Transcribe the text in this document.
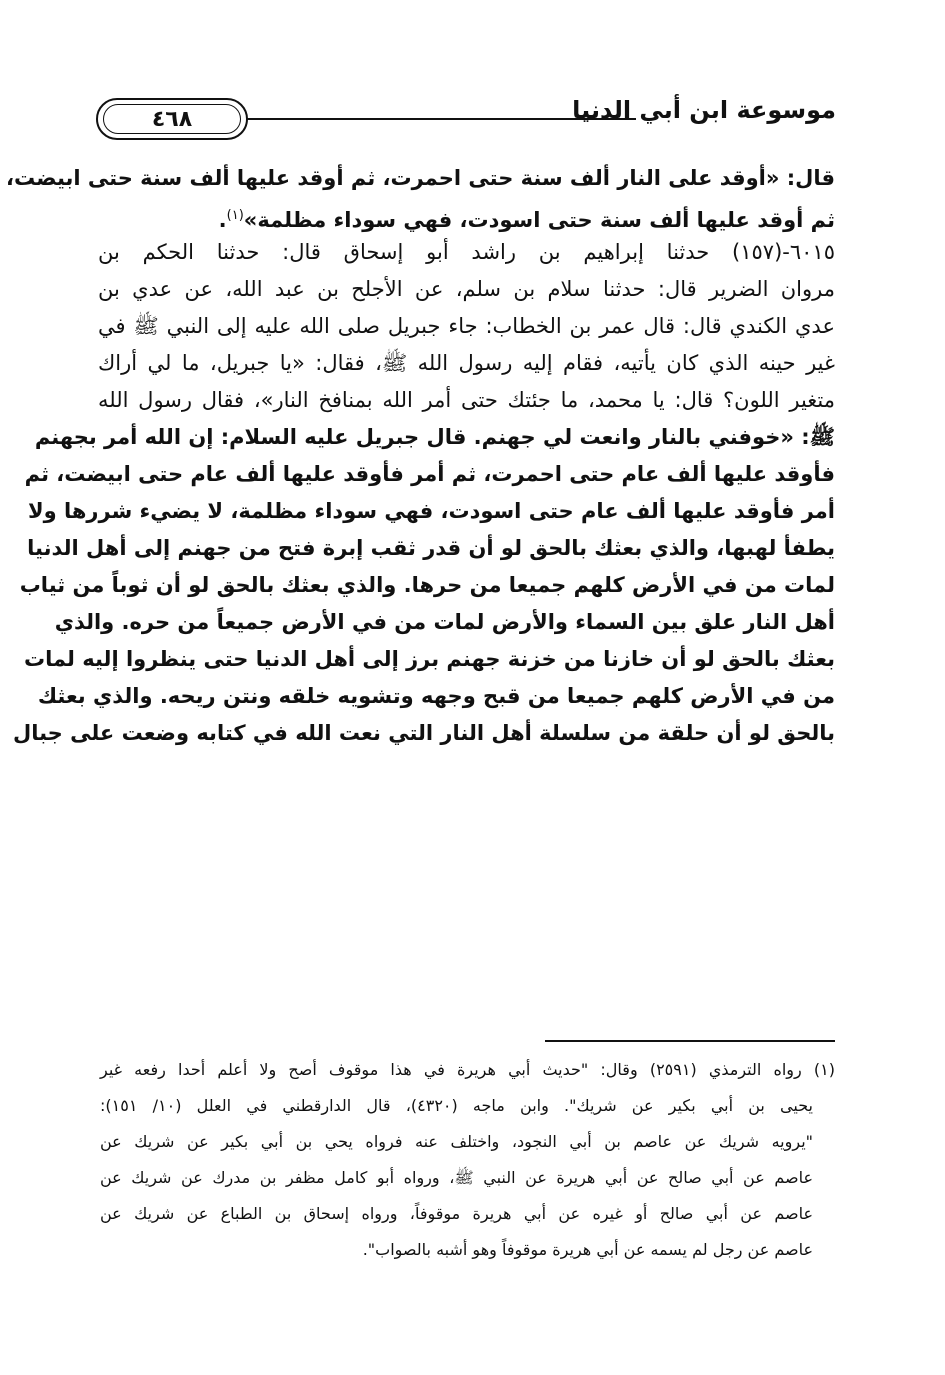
٤٦٨	موسوعة ابن أبي الدنيا
قال: «أوقد على النار ألف سنة حتى احمرت، ثم أوقد عليها ألف سنة حتى ابيضت،
ثم أوقد عليها ألف سنة حتى اسودت، فهي سوداء مظلمة»$^{(١)}$.
٦٠١٥-(١٥٧) حدثنا إبراهيم بن راشد أبو إسحاق قال: حدثنا الحكم بن
مروان الضرير قال: حدثنا سلام بن سلم، عن الأجلح بن عبد الله، عن عدي بن
عدي الكندي قال: قال عمر بن الخطاب: جاء جبريل صلى الله عليه إلى النبي ﷺ في
غير حينه الذي كان يأتيه، فقام إليه رسول الله ﷺ، فقال: «يا جبريل، ما لي أراك
متغير اللون؟ قال: يا محمد، ما جئتك حتى أمر الله بمنافخ النار»، فقال رسول الله
ﷺ: «خوفني بالنار وانعت لي جهنم. قال جبريل عليه السلام: إن الله أمر بجهنم
فأوقد عليها ألف عام حتى احمرت، ثم أمر فأوقد عليها ألف عام حتى ابيضت، ثم
أمر فأوقد عليها ألف عام حتى اسودت، فهي سوداء مظلمة، لا يضيء شررها ولا
يطفأ لهبها، والذي بعثك بالحق لو أن قدر ثقب إبرة فتح من جهنم إلى أهل الدنيا
لمات من في الأرض كلهم جميعا من حرها. والذي بعثك بالحق لو أن ثوباً من ثياب
أهل النار علق بين السماء والأرض لمات من في الأرض جميعاً من حره. والذي
بعثك بالحق لو أن خازنا من خزنة جهنم برز إلى أهل الدنيا حتى ينظروا إليه لمات
من في الأرض كلهم جميعا من قبح وجهه وتشويه خلقه ونتن ريحه. والذي بعثك
بالحق لو أن حلقة من سلسلة أهل النار التي نعت الله في كتابه وضعت على جبال
(١) رواه الترمذي (٢٥٩١) وقال: "حديث أبي هريرة في هذا موقوف أصح ولا أعلم أحدا رفعه غير
يحيى بن أبي بكير عن شريك". وابن ماجه (٤٣٢٠)، قال الدارقطني في العلل (١٠/ ١٥١):
"يرويه شريك عن عاصم بن أبي النجود، واختلف عنه فرواه يحي بن أبي بكير عن شريك عن
عاصم عن أبي صالح عن أبي هريرة عن النبي ﷺ، ورواه أبو كامل مظفر بن مدرك عن شريك عن
عاصم عن أبي صالح أو غيره عن أبي هريرة موقوفاً، ورواه إسحاق بن الطباع عن شريك عن
عاصم عن رجل لم يسمه عن أبي هريرة موقوفاً وهو أشبه بالصواب".
